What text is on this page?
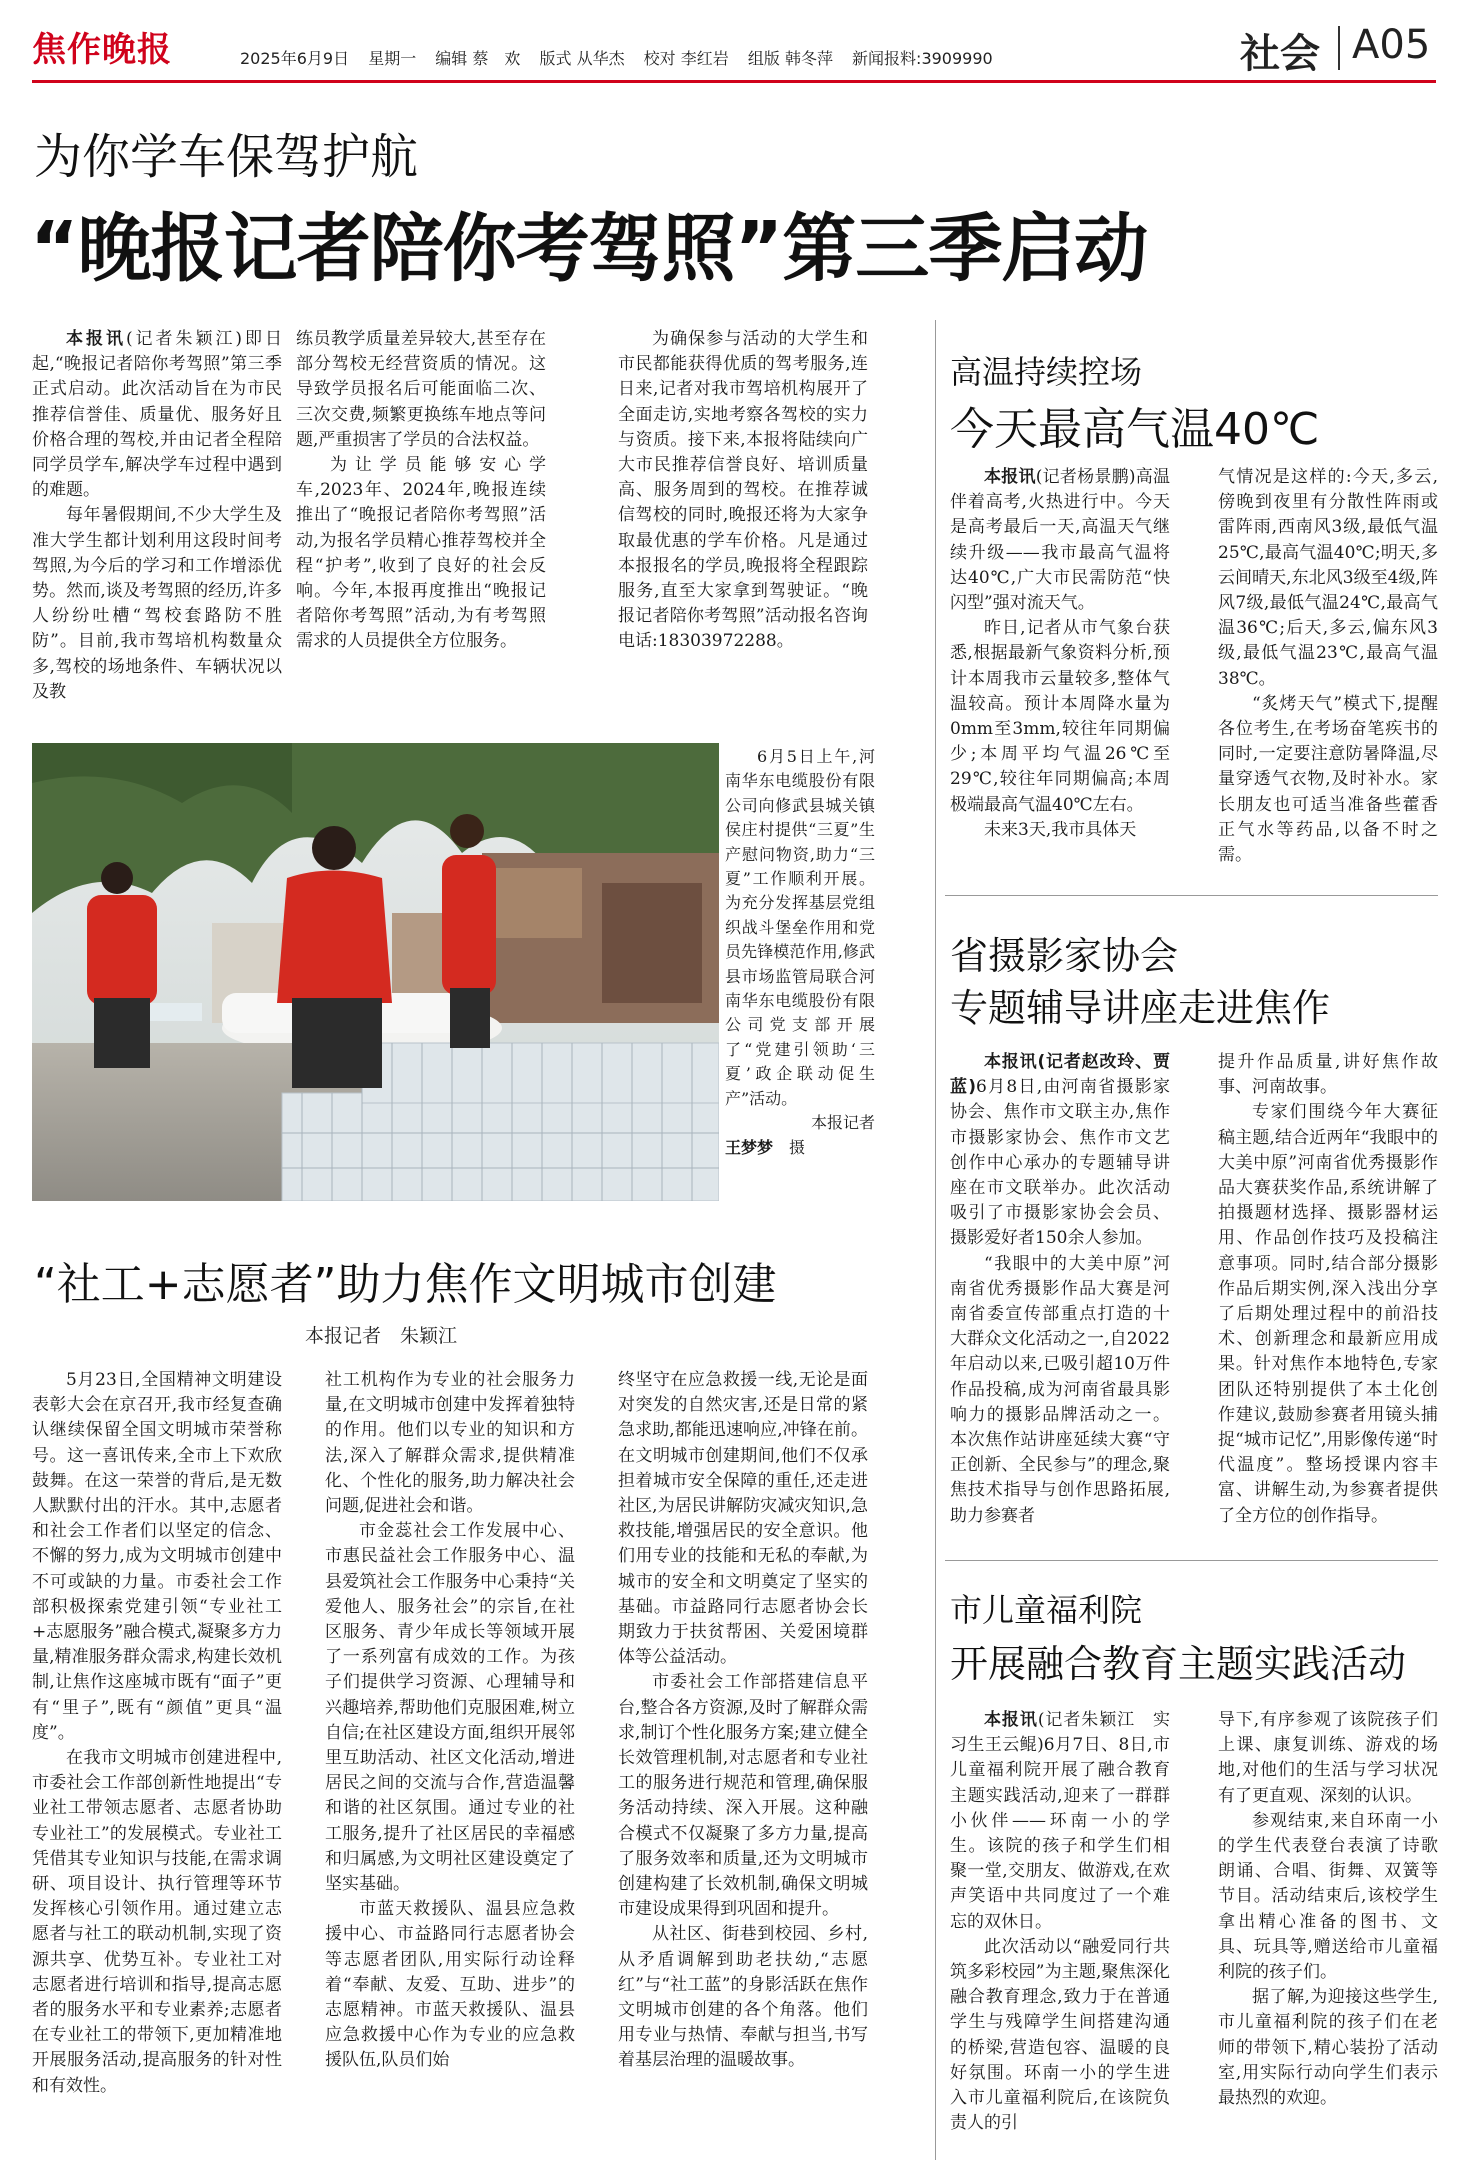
焦作晚报	2025年6月9日 星期一 编辑 蔡　欢 版式 从华杰 校对 李红岩 组版 韩冬萍 新闻报料:3909990	社会 A05
为你学车保驾护航
“晚报记者陪你考驾照”第三季启动

本报讯(记者朱颖江)即日起,“晚报记者陪你考驾照”第三季正式启动。此次活动旨在为市民推荐信誉佳、质量优、服务好且价格合理的驾校,并由记者全程陪同学员学车,解决学车过程中遇到的难题。

每年暑假期间,不少大学生及准大学生都计划利用这段时间考驾照,为今后的学习和工作增添优势。然而,谈及考驾照的经历,许多人纷纷吐槽“驾校套路防不胜防”。目前,我市驾培机构数量众多,驾校的场地条件、车辆状况以及教

练员教学质量差异较大,甚至存在部分驾校无经营资质的情况。这导致学员报名后可能面临二次、三次交费,频繁更换练车地点等问题,严重损害了学员的合法权益。

为让学员能够安心学车,2023年、2024年,晚报连续推出了“晚报记者陪你考驾照”活动,为报名学员精心推荐驾校并全程“护考”,收到了良好的社会反响。今年,本报再度推出“晚报记者陪你考驾照”活动,为有考驾照需求的人员提供全方位服务。

为确保参与活动的大学生和市民都能获得优质的驾考服务,连日来,记者对我市驾培机构展开了全面走访,实地考察各驾校的实力与资质。接下来,本报将陆续向广大市民推荐信誉良好、培训质量高、服务周到的驾校。在推荐诚信驾校的同时,晚报还将为大家争取最优惠的学车价格。凡是通过本报报名的学员,晚报将全程跟踪服务,直至大家拿到驾驶证。“晚报记者陪你考驾照”活动报名咨询电话:18303972288。

6月5日上午,河南华东电缆股份有限公司向修武县城关镇侯庄村提供“三夏”生产慰问物资,助力“三夏”工作顺利开展。为充分发挥基层党组织战斗堡垒作用和党员先锋模范作用,修武县市场监管局联合河南华东电缆股份有限公司党支部开展了“党建引领助‘三夏’政企联动促生产”活动。

本报记者

王梦梦　 摄

“社工+志愿者”助力焦作文明城市创建
本报记者　朱颖江

5月23日,全国精神文明建设表彰大会在京召开,我市经复查确认继续保留全国文明城市荣誉称号。这一喜讯传来,全市上下欢欣鼓舞。在这一荣誉的背后,是无数人默默付出的汗水。其中,志愿者和社会工作者们以坚定的信念、不懈的努力,成为文明城市创建中不可或缺的力量。市委社会工作部积极探索党建引领“专业社工+志愿服务”融合模式,凝聚多方力量,精准服务群众需求,构建长效机制,让焦作这座城市既有“面子”更有“里子”,既有“颜值”更具“温度”。

在我市文明城市创建进程中,市委社会工作部创新性地提出“专业社工带领志愿者、志愿者协助专业社工”的发展模式。专业社工凭借其专业知识与技能,在需求调研、项目设计、执行管理等环节发挥核心引领作用。通过建立志愿者与社工的联动机制,实现了资源共享、优势互补。专业社工对志愿者进行培训和指导,提高志愿者的服务水平和专业素养;志愿者在专业社工的带领下,更加精准地开展服务活动,提高服务的针对性和有效性。

社工机构作为专业的社会服务力量,在文明城市创建中发挥着独特的作用。他们以专业的知识和方法,深入了解群众需求,提供精准化、个性化的服务,助力解决社会问题,促进社会和谐。

市金蕊社会工作发展中心、市惠民益社会工作服务中心、温县爱筑社会工作服务中心秉持“关爱他人、服务社会”的宗旨,在社区服务、青少年成长等领域开展了一系列富有成效的工作。为孩子们提供学习资源、心理辅导和兴趣培养,帮助他们克服困难,树立自信;在社区建设方面,组织开展邻里互助活动、社区文化活动,增进居民之间的交流与合作,营造温馨和谐的社区氛围。通过专业的社工服务,提升了社区居民的幸福感和归属感,为文明社区建设奠定了坚实基础。

市蓝天救援队、温县应急救援中心、市益路同行志愿者协会等志愿者团队,用实际行动诠释着“奉献、友爱、互助、进步”的志愿精神。市蓝天救援队、温县应急救援中心作为专业的应急救援队伍,队员们始

终坚守在应急救援一线,无论是面对突发的自然灾害,还是日常的紧急求助,都能迅速响应,冲锋在前。在文明城市创建期间,他们不仅承担着城市安全保障的重任,还走进社区,为居民讲解防灾减灾知识,急救技能,增强居民的安全意识。他们用专业的技能和无私的奉献,为城市的安全和文明奠定了坚实的基础。市益路同行志愿者协会长期致力于扶贫帮困、关爱困境群体等公益活动。

市委社会工作部搭建信息平台,整合各方资源,及时了解群众需求,制订个性化服务方案;建立健全长效管理机制,对志愿者和专业社工的服务进行规范和管理,确保服务活动持续、深入开展。这种融合模式不仅凝聚了多方力量,提高了服务效率和质量,还为文明城市创建构建了长效机制,确保文明城市建设成果得到巩固和提升。

从社区、街巷到校园、乡村,从矛盾调解到助老扶幼,“志愿红”与“社工蓝”的身影活跃在焦作文明城市创建的各个角落。他们用专业与热情、奉献与担当,书写着基层治理的温暖故事。

高温持续控场
今天最高气温40℃

本报讯(记者杨景鹏)高温伴着高考,火热进行中。今天是高考最后一天,高温天气继续升级——我市最高气温将达40℃,广大市民需防范“快闪型”强对流天气。

昨日,记者从市气象台获悉,根据最新气象资料分析,预计本周我市云量较多,整体气温较高。预计本周降水量为0mm至3mm,较往年同期偏少;本周平均气温26℃至29℃,较往年同期偏高;本周极端最高气温40℃左右。

未来3天,我市具体天

气情况是这样的:今天,多云,傍晚到夜里有分散性阵雨或雷阵雨,西南风3级,最低气温25℃,最高气温40℃;明天,多云间晴天,东北风3级至4级,阵风7级,最低气温24℃,最高气温36℃;后天,多云,偏东风3级,最低气温23℃,最高气温38℃。

“炙烤天气”模式下,提醒各位考生,在考场奋笔疾书的同时,一定要注意防暑降温,尽量穿透气衣物,及时补水。家长朋友也可适当准备些藿香正气水等药品,以备不时之需。

省摄影家协会
专题辅导讲座走进焦作

本报讯(记者赵改玲、贾蓝)6月8日,由河南省摄影家协会、焦作市文联主办,焦作市摄影家协会、焦作市文艺创作中心承办的专题辅导讲座在市文联举办。此次活动吸引了市摄影家协会会员、摄影爱好者150余人参加。

“我眼中的大美中原”河南省优秀摄影作品大赛是河南省委宣传部重点打造的十大群众文化活动之一,自2022年启动以来,已吸引超10万件作品投稿,成为河南省最具影响力的摄影品牌活动之一。本次焦作站讲座延续大赛“守正创新、全民参与”的理念,聚焦技术指导与创作思路拓展,助力参赛者

提升作品质量,讲好焦作故事、河南故事。

专家们围绕今年大赛征稿主题,结合近两年“我眼中的大美中原”河南省优秀摄影作品大赛获奖作品,系统讲解了拍摄题材选择、摄影器材运用、作品创作技巧及投稿注意事项。同时,结合部分摄影作品后期实例,深入浅出分享了后期处理过程中的前沿技术、创新理念和最新应用成果。针对焦作本地特色,专家团队还特别提供了本土化创作建议,鼓励参赛者用镜头捕捉“城市记忆”,用影像传递“时代温度”。整场授课内容丰富、讲解生动,为参赛者提供了全方位的创作指导。

市儿童福利院
开展融合教育主题实践活动

本报讯(记者朱颖江　实习生王云鲲)6月7日、8日,市儿童福利院开展了融合教育主题实践活动,迎来了一群群小伙伴——环南一小的学生。该院的孩子和学生们相聚一堂,交朋友、做游戏,在欢声笑语中共同度过了一个难忘的双休日。

此次活动以“融爱同行共筑多彩校园”为主题,聚焦深化融合教育理念,致力于在普通学生与残障学生间搭建沟通的桥梁,营造包容、温暖的良好氛围。环南一小的学生进入市儿童福利院后,在该院负责人的引

导下,有序参观了该院孩子们上课、康复训练、游戏的场地,对他们的生活与学习状况有了更直观、深刻的认识。

参观结束,来自环南一小的学生代表登台表演了诗歌朗诵、合唱、街舞、双簧等节目。活动结束后,该校学生拿出精心准备的图书、文具、玩具等,赠送给市儿童福利院的孩子们。

据了解,为迎接这些学生,市儿童福利院的孩子们在老师的带领下,精心装扮了活动室,用实际行动向学生们表示最热烈的欢迎。
